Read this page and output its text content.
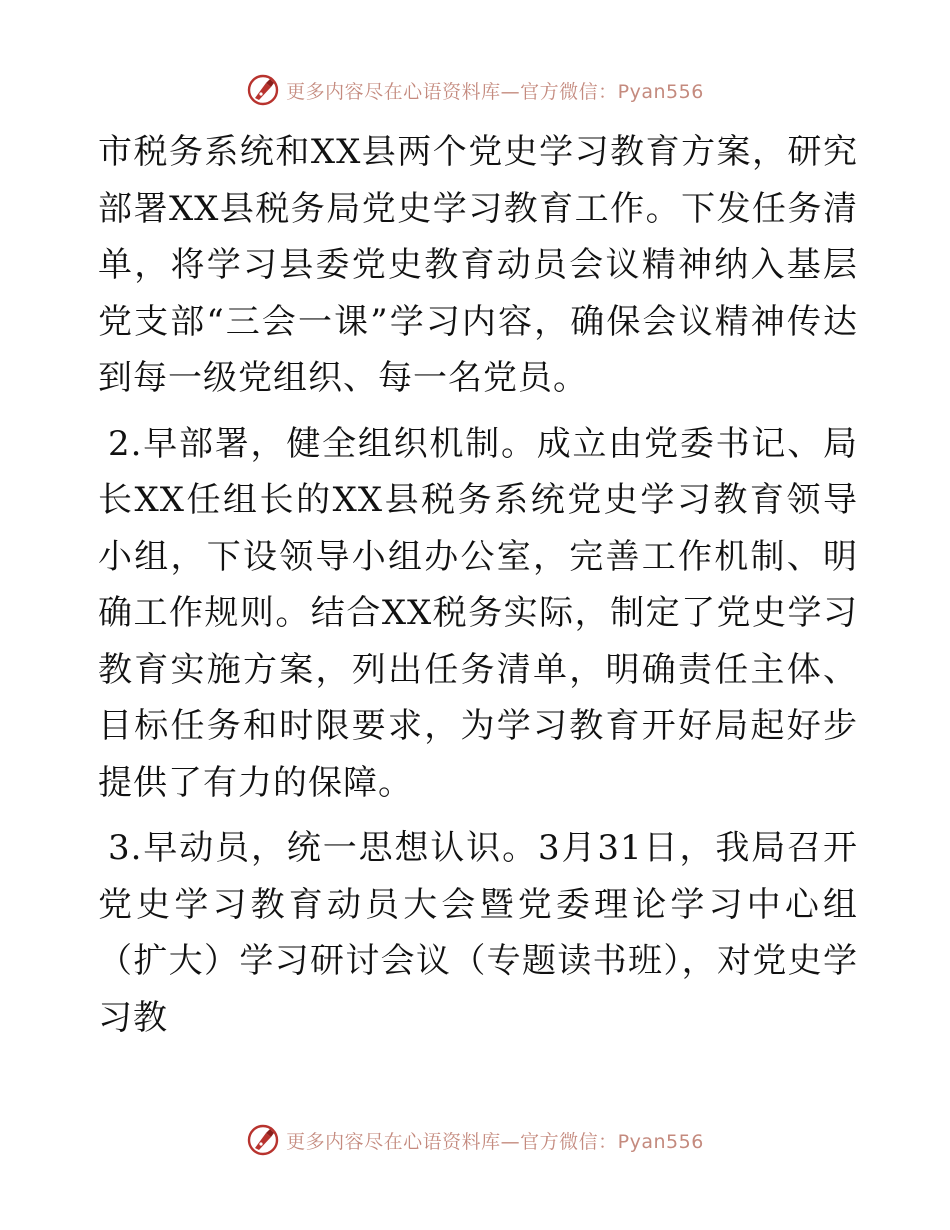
更多内容尽在心语资料库—官方微信：Pyan556

市税务系统和XX县两个党史学习教育方案，研究部署XX县税务局党史学习教育工作。下发任务清单，将学习县委党史教育动员会议精神纳入基层党支部“三会一课”学习内容，确保会议精神传达到每一级党组织、每一名党员。

2.早部署，健全组织机制。成立由党委书记、局长XX任组长的XX县税务系统党史学习教育领导小组，下设领导小组办公室，完善工作机制、明确工作规则。结合XX税务实际，制定了党史学习教育实施方案，列出任务清单，明确责任主体、目标任务和时限要求，为学习教育开好局起好步提供了有力的保障。

3.早动员，统一思想认识。3月31日，我局召开党史学习教育动员大会暨党委理论学习中心组（扩大）学习研讨会议（专题读书班），对党史学习教

更多内容尽在心语资料库—官方微信：Pyan556
